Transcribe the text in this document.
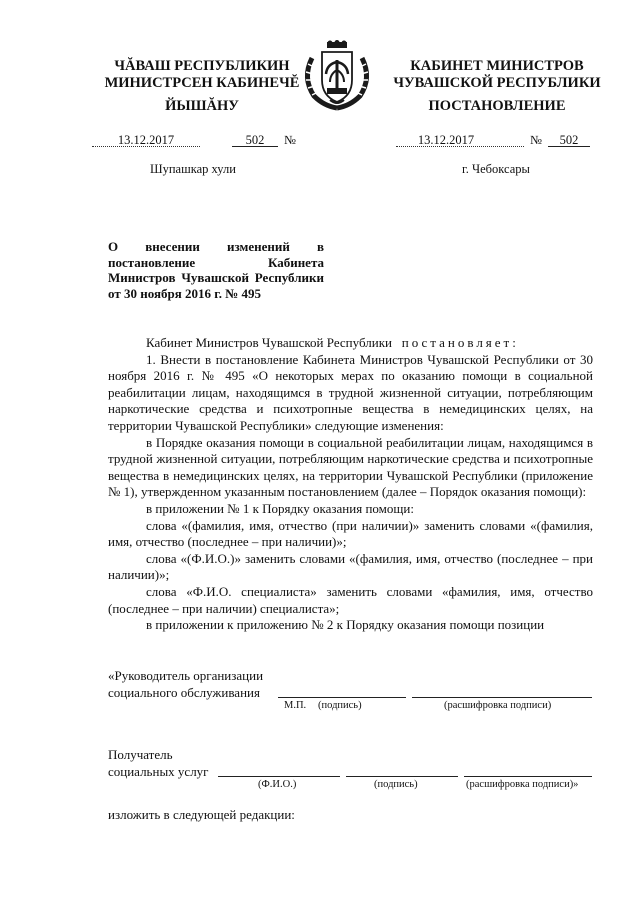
ЧĂВАШ РЕСПУБЛИКИН
МИНИСТРСЕН КАБИНЕЧĔ
ЙЫШĂНУ
КАБИНЕТ МИНИСТРОВ
ЧУВАШСКОЙ РЕСПУБЛИКИ
ПОСТАНОВЛЕНИЕ
13.12.2017	502	№	13.12.2017	№	502
Шупашкар хули	г. Чебоксары
О внесении изменений в постановление Кабинета Министров Чувашской Республики от 30 ноября 2016 г. № 495

Кабинет Министров Чувашской Республики постановляет:

1. Внести в постановление Кабинета Министров Чувашской Республики от 30 ноября 2016 г. № 495 «О некоторых мерах по оказанию помощи в социальной реабилитации лицам, находящимся в трудной жизненной ситуации, потребляющим наркотические средства и психотропные вещества в немедицинских целях, на территории Чувашской Республики» следующие изменения:

в Порядке оказания помощи в социальной реабилитации лицам, находящимся в трудной жизненной ситуации, потребляющим наркотические средства и психотропные вещества в немедицинских целях, на территории Чувашской Республики (приложение № 1), утвержденном указанным постановлением (далее – Порядок оказания помощи):

в приложении № 1 к Порядку оказания помощи:

слова «(фамилия, имя, отчество (при наличии)» заменить словами «(фамилия, имя, отчество (последнее – при наличии)»;

слова «(Ф.И.О.)» заменить словами «(фамилия, имя, отчество (последнее – при наличии)»;

слова «Ф.И.О. специалиста» заменить словами «фамилия, имя, отчество (последнее – при наличии) специалиста»;

в приложении к приложению № 2 к Порядку оказания помощи позиции

«Руководитель организации
социального обслуживания
М.П. (подпись)	(расшифровка подписи)
Получатель
социальных услуг
(Ф.И.О.)	(подпись)	(расшифровка подписи)»
изложить в следующей редакции:
